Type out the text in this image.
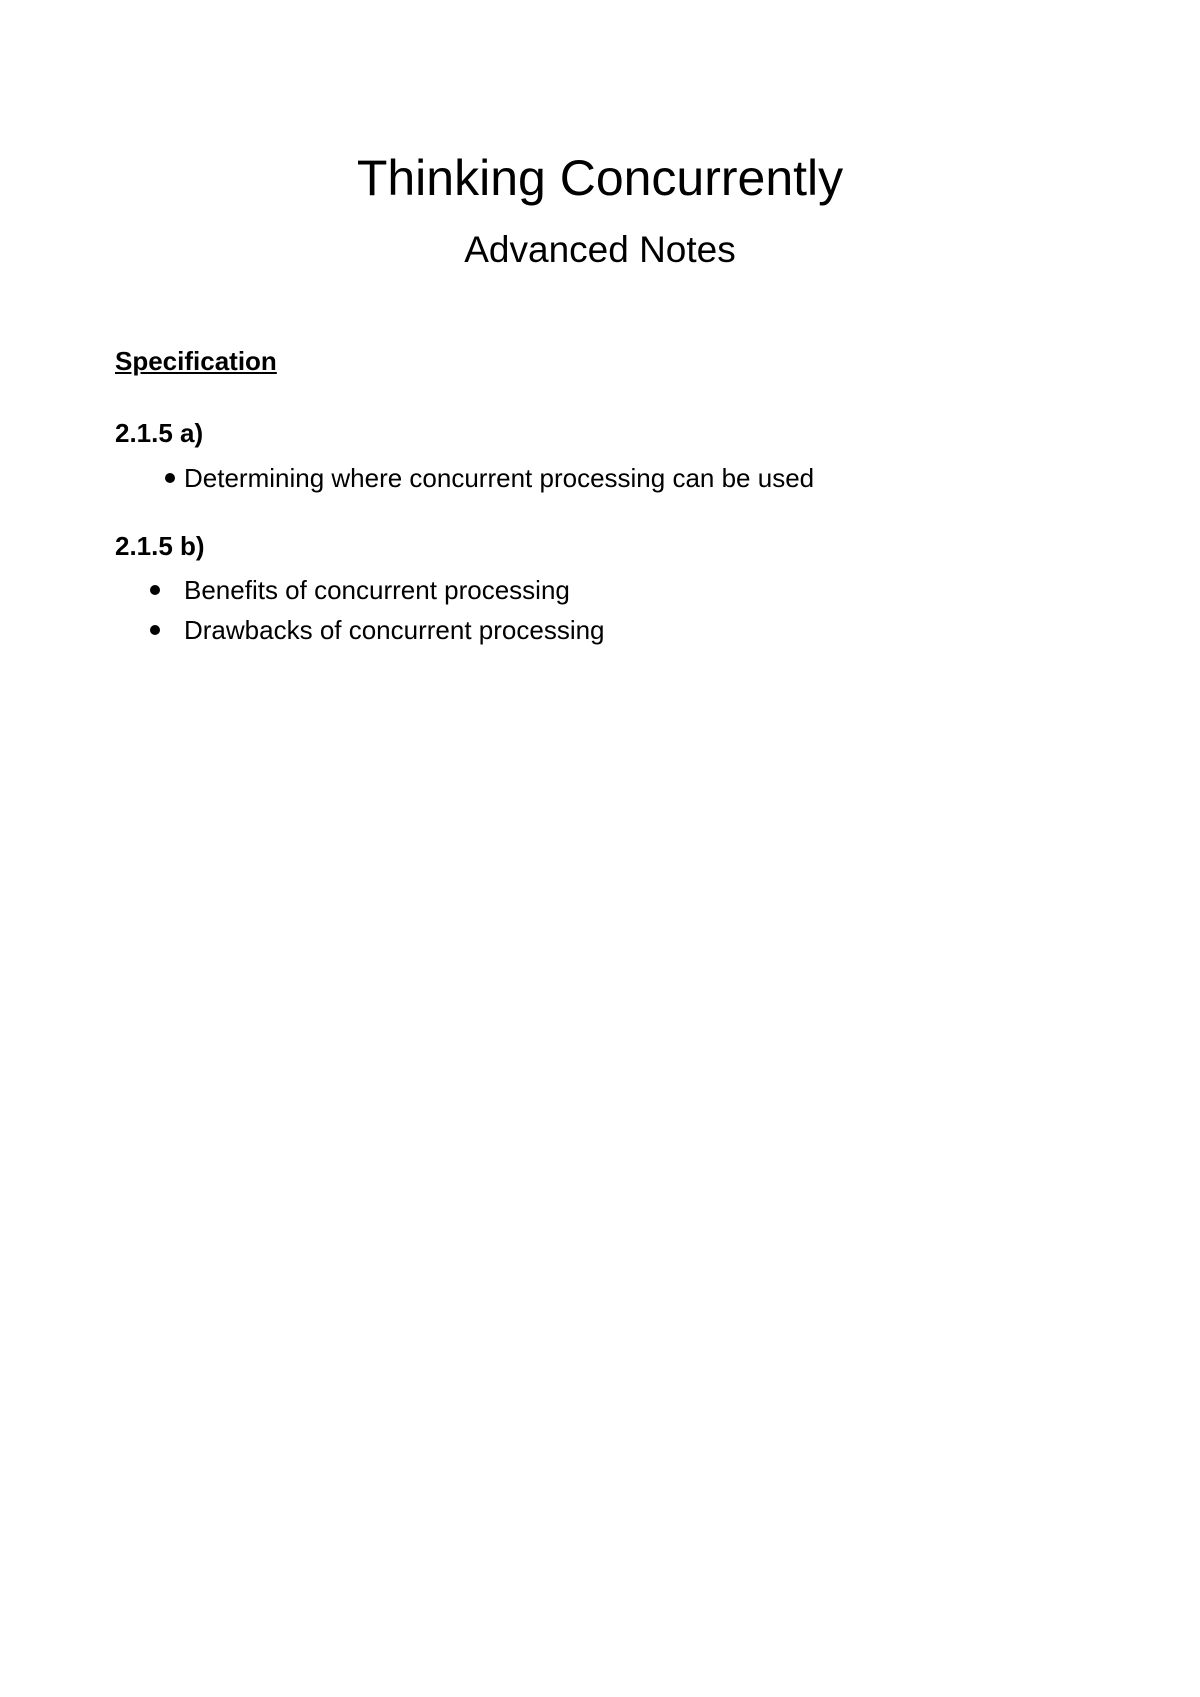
Thinking Concurrently
Advanced Notes
Specification
2.1.5 a)
Determining where concurrent processing can be used
2.1.5 b)
Benefits of concurrent processing
Drawbacks of concurrent processing
